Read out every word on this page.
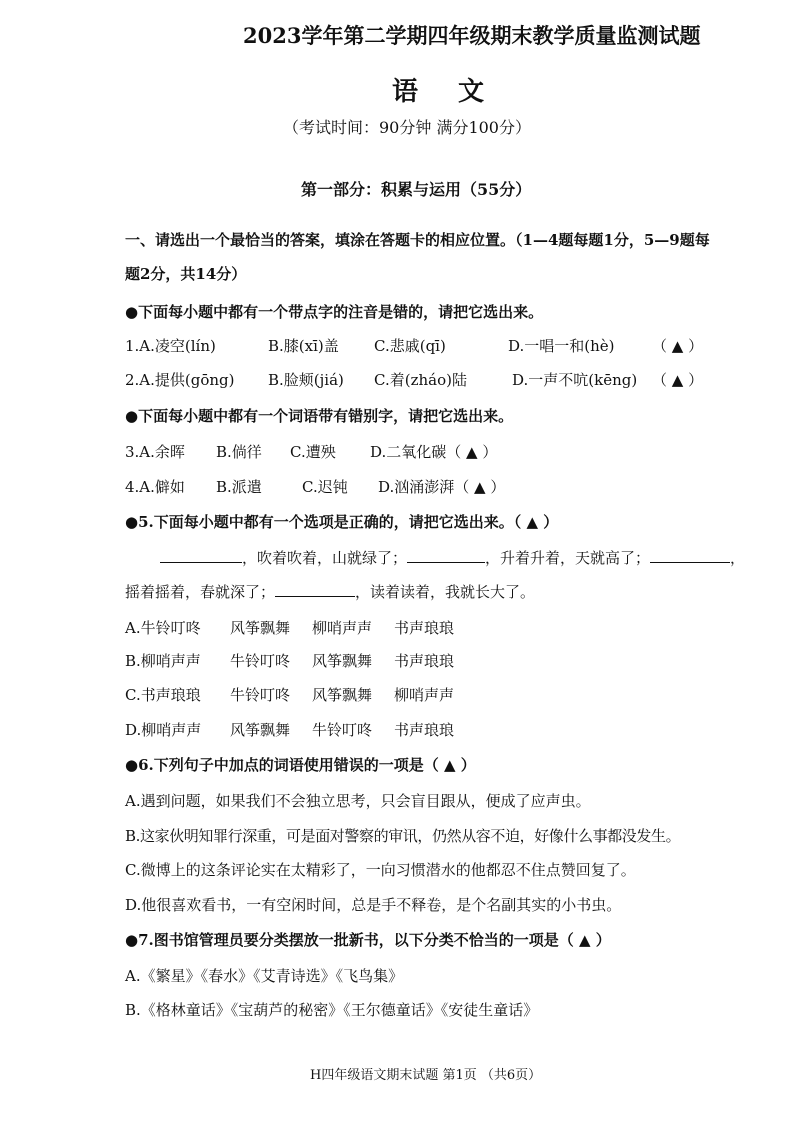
2023学年第二学期四年级期末教学质量监测试题
语文
（考试时间：90分钟 满分100分）
第一部分：积累与运用（55分）
一、请选出一个最恰当的答案，填涂在答题卡的相应位置。（1—4题每题1分，5—9题每
题2分，共14分）
●下面每小题中都有一个带点字的注音是错的，请把它选出来。
1.A.凌空(lín)	B.膝(xī)盖 C.悲戚(qī)	D.一唱一和(hè) （ ▲ ）
2.A.提供(gōng) B.脸颊(jiá) C.着(zháo)陆	D.一声不吭(kēng) （ ▲ ）
●下面每小题中都有一个词语带有错别字，请把它选出来。
3.A.余晖 B.倘徉 C.遭殃 D.二氧化碳（ ▲ ）
4.A.僻如 B.派遣	C.迟钝 D.汹涌澎湃（ ▲ ）
●5.下面每小题中都有一个选项是正确的，请把它选出来。（ ▲ ）
，吹着吹着，山就绿了；	，升着升着，天就高了；	，
摇着摇着，春就深了；	，读着读着，我就长大了。
A.牛铃叮咚 风筝飘舞 柳哨声声 书声琅琅
B.柳哨声声 牛铃叮咚 风筝飘舞 书声琅琅
C.书声琅琅 牛铃叮咚 风筝飘舞 柳哨声声
D.柳哨声声 风筝飘舞 牛铃叮咚 书声琅琅
●6.下列句子中加点的词语使用错误的一项是（ ▲ ）
A.遇到问题，如果我们不会独立思考，只会盲目跟从，便成了应声虫。
B.这家伙明知罪行深重，可是面对警察的审讯，仍然从容不迫，好像什么事都没发生。
C.微博上的这条评论实在太精彩了，一向习惯潜水的他都忍不住点赞回复了。
D.他很喜欢看书，一有空闲时间，总是手不释卷，是个名副其实的小书虫。
●7.图书馆管理员要分类摆放一批新书，以下分类不恰当的一项是（ ▲ ）
A.《繁星》《春水》《艾青诗选》《飞鸟集》
B.《格林童话》《宝葫芦的秘密》《王尔德童话》《安徒生童话》
H四年级语文期末试题 第1页 （共6页）
